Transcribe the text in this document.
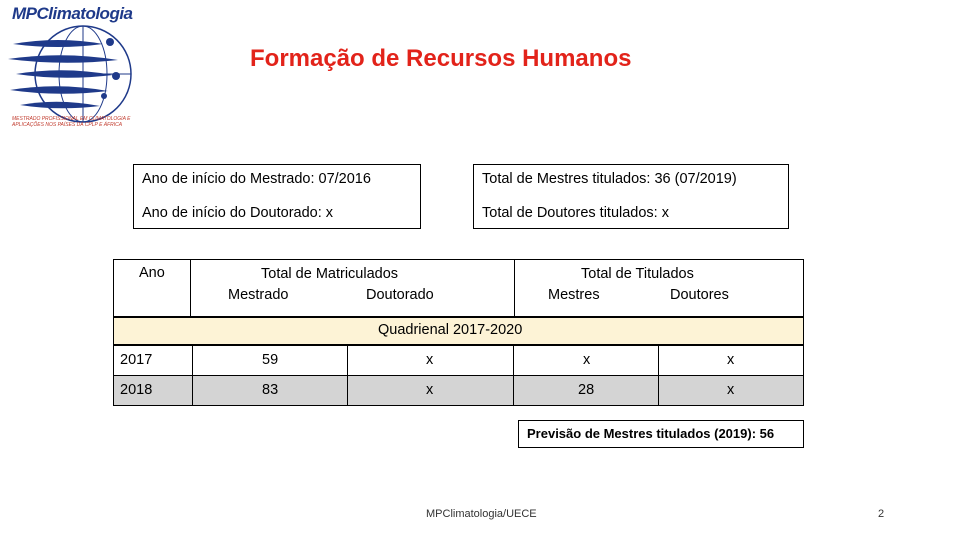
MPClimatologia
MESTRADO PROFISSIONAL EM CLIMATOLOGIA E APLICAÇÕES NOS PAÍSES DA CPLP E ÁFRICA
Formação de Recursos Humanos
Ano de início do Mestrado: 07/2016
Ano de início do Doutorado: x
Total de Mestres titulados: 36 (07/2019)
Total de Doutores titulados: x
Ano	Total de Matriculados
Mestrado	Doutorado
Total de Titulados
Mestres	Doutores
Quadrienal 2017-2020
2017	59	x	x	x
2018	83	x	28	x
Previsão de Mestres titulados (2019): 56
MPClimatologia/UECE	2
